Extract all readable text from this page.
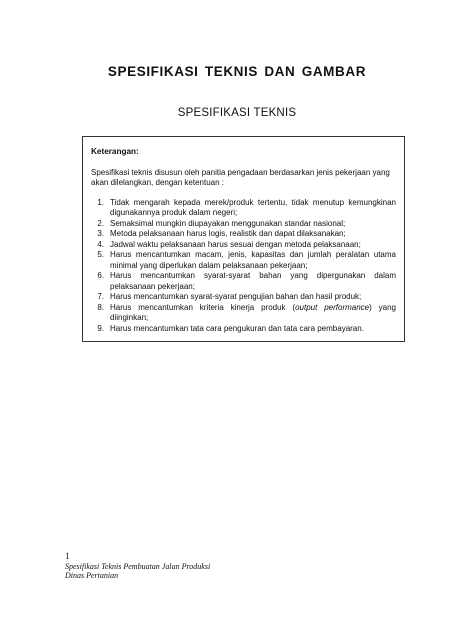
SPESIFIKASI TEKNIS DAN GAMBAR
SPESIFIKASI TEKNIS
Keterangan:

Spesifikasi teknis disusun oleh panitia pengadaan berdasarkan jenis pekerjaan yang akan dilelangkan, dengan ketentuan :

1. Tidak mengarah kepada merek/produk tertentu, tidak menutup kemungkinan digunakannya produk dalam negeri;
2. Semaksimal mungkin diupayakan menggunakan standar nasional;
3. Metoda pelaksanaan harus logis, realistik dan dapat dilaksanakan;
4. Jadwal waktu pelaksanaan harus sesuai dengan metoda pelaksanaan;
5. Harus mencantumkan macam, jenis, kapasitas dan jumlah peralatan utama minimal yang diperlukan dalam pelaksanaan pekerjaan;
6. Harus mencantumkan syarat-syarat bahan yang dipergunakan dalam pelaksanaan pekerjaan;
7. Harus mencantumkan syarat-syarat pengujian bahan dan hasil produk;
8. Harus mencantumkan kriteria kinerja produk (output performance) yang diinginkan;
9. Harus mencantumkan tata cara pengukuran dan tata cara pembayaran.
1
Spesifikasi Teknis Pembuatan Jalan Produksi
Dinas Pertanian
